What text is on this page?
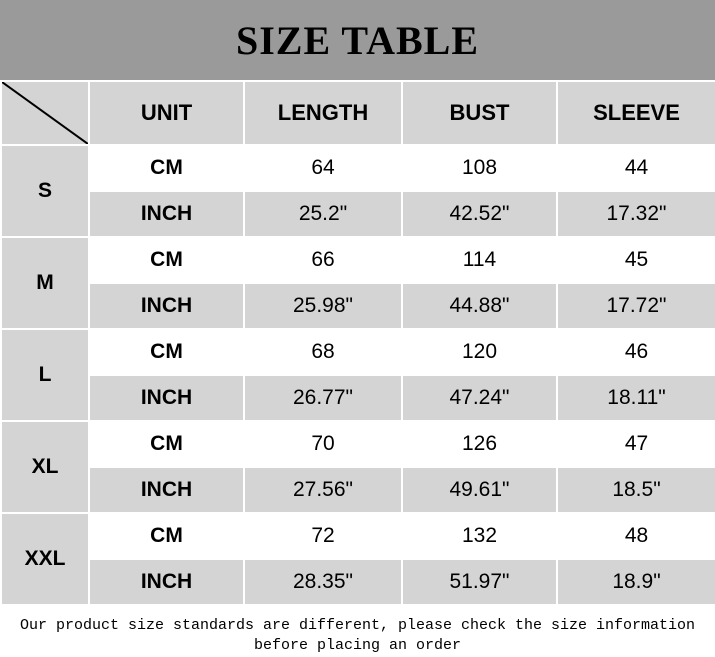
SIZE TABLE
	UNIT	LENGTH	BUST	SLEEVE
S	CM	64	108	44
	INCH	25.2"	42.52"	17.32"
M	CM	66	114	45
	INCH	25.98"	44.88"	17.72"
L	CM	68	120	46
	INCH	26.77"	47.24"	18.11"
XL	CM	70	126	47
	INCH	27.56"	49.61"	18.5"
XXL	CM	72	132	48
	INCH	28.35"	51.97"	18.9"
Our product size standards are different, please check the size information
before placing an order
